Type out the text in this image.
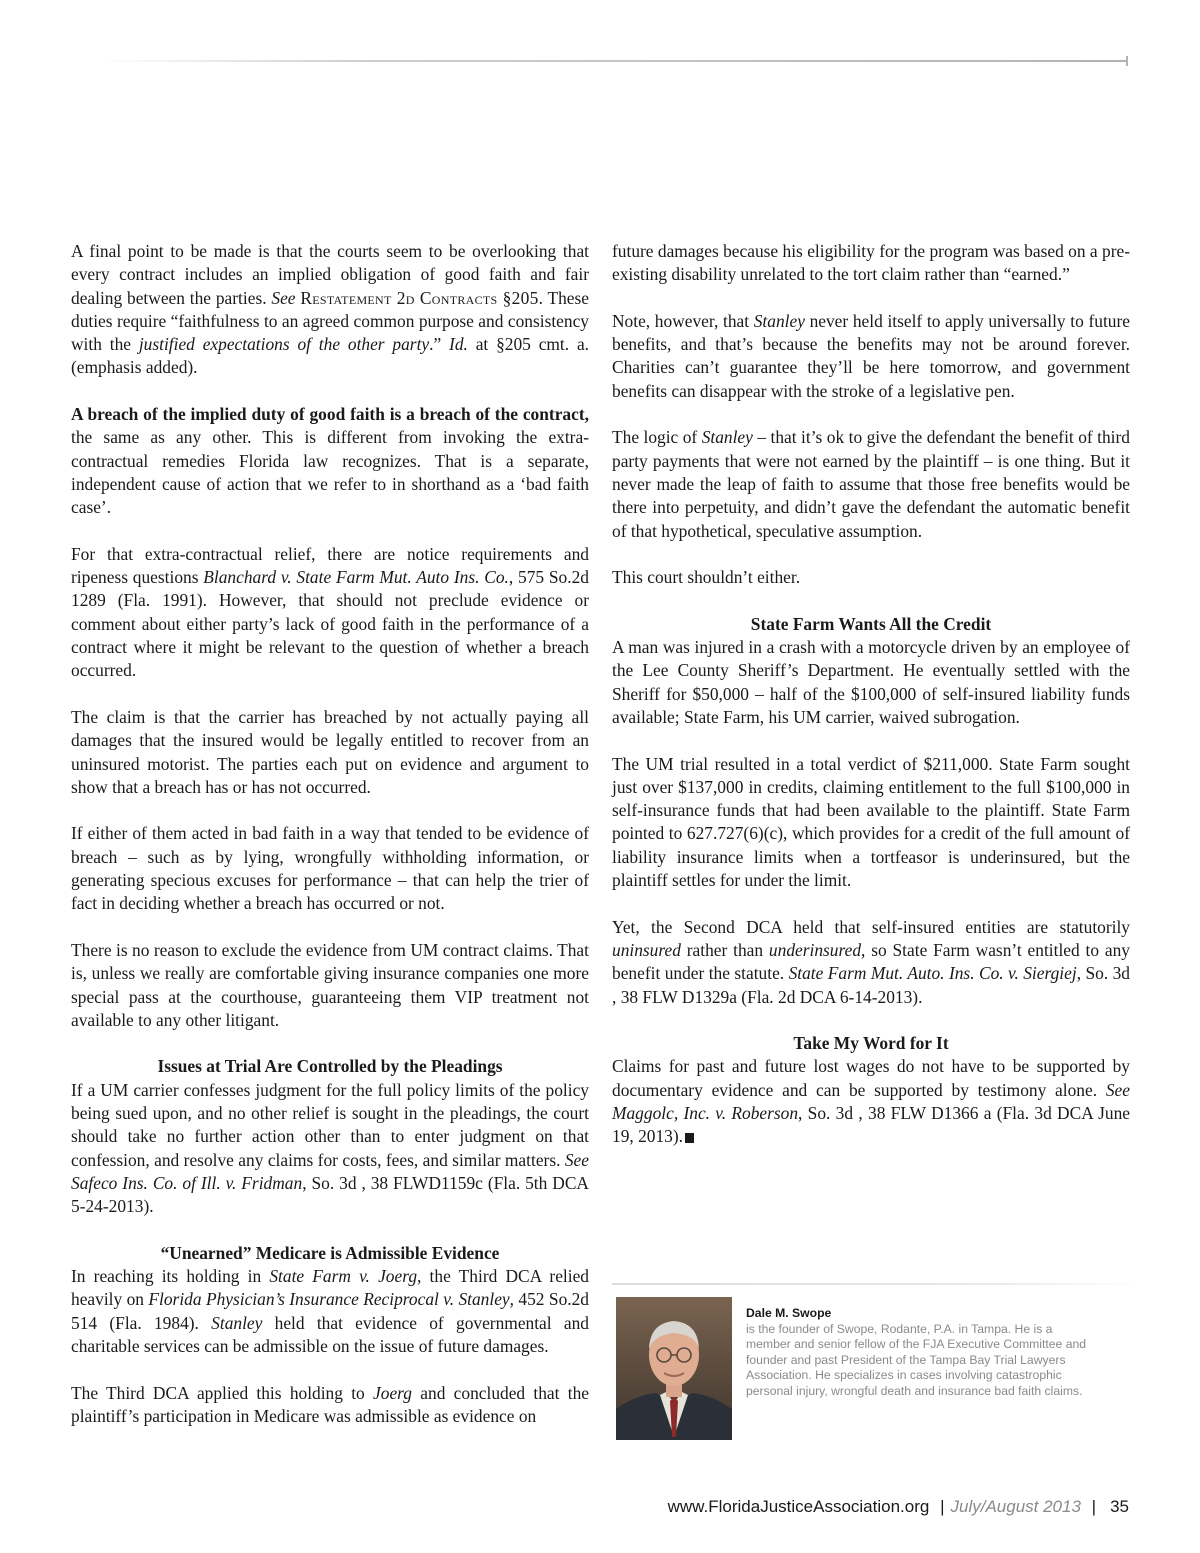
A final point to be made is that the courts seem to be overlooking that every contract includes an implied obligation of good faith and fair dealing between the parties. See Restatement 2d Contracts §205. These duties require “faithfulness to an agreed common purpose and consistency with the justified expectations of the other party.” Id. at §205 cmt. a. (emphasis added).

A breach of the implied duty of good faith is a breach of the contract, the same as any other. This is different from invoking the extra-contractual remedies Florida law recognizes. That is a separate, independent cause of action that we refer to in shorthand as a ‘bad faith case’.

For that extra-contractual relief, there are notice requirements and ripeness questions Blanchard v. State Farm Mut. Auto Ins. Co., 575 So.2d 1289 (Fla. 1991). However, that should not preclude evidence or comment about either party’s lack of good faith in the performance of a contract where it might be relevant to the question of whether a breach occurred.

The claim is that the carrier has breached by not actually paying all damages that the insured would be legally entitled to recover from an uninsured motorist. The parties each put on evidence and argument to show that a breach has or has not occurred.

If either of them acted in bad faith in a way that tended to be evidence of breach – such as by lying, wrongfully withholding information, or generating specious excuses for performance – that can help the trier of fact in deciding whether a breach has occurred or not.

There is no reason to exclude the evidence from UM contract claims. That is, unless we really are comfortable giving insurance companies one more special pass at the courthouse, guaranteeing them VIP treatment not available to any other litigant.

Issues at Trial Are Controlled by the Pleadings

If a UM carrier confesses judgment for the full policy limits of the policy being sued upon, and no other relief is sought in the pleadings, the court should take no further action other than to enter judgment on that confession, and resolve any claims for costs, fees, and similar matters. See Safeco Ins. Co. of Ill. v. Fridman, So. 3d , 38 FLWD1159c (Fla. 5th DCA 5-24-2013).

“Unearned” Medicare is Admissible Evidence

In reaching its holding in State Farm v. Joerg, the Third DCA relied heavily on Florida Physician’s Insurance Reciprocal v. Stanley, 452 So.2d 514 (Fla. 1984). Stanley held that evidence of governmental and charitable services can be admissible on the issue of future damages.

The Third DCA applied this holding to Joerg and concluded that the plaintiff’s participation in Medicare was admissible as evidence on

future damages because his eligibility for the program was based on a pre-existing disability unrelated to the tort claim rather than “earned.”

Note, however, that Stanley never held itself to apply universally to future benefits, and that’s because the benefits may not be around forever. Charities can’t guarantee they’ll be here tomorrow, and government benefits can disappear with the stroke of a legislative pen.

The logic of Stanley – that it’s ok to give the defendant the benefit of third party payments that were not earned by the plaintiff – is one thing. But it never made the leap of faith to assume that those free benefits would be there into perpetuity, and didn’t gave the defendant the automatic benefit of that hypothetical, speculative assumption.

This court shouldn’t either.

State Farm Wants All the Credit

A man was injured in a crash with a motorcycle driven by an employee of the Lee County Sheriff’s Department. He eventually settled with the Sheriff for $50,000 – half of the $100,000 of self-insured liability funds available; State Farm, his UM carrier, waived subrogation.

The UM trial resulted in a total verdict of $211,000. State Farm sought just over $137,000 in credits, claiming entitlement to the full $100,000 in self-insurance funds that had been available to the plaintiff. State Farm pointed to 627.727(6)(c), which provides for a credit of the full amount of liability insurance limits when a tortfeasor is underinsured, but the plaintiff settles for under the limit.

Yet, the Second DCA held that self-insured entities are statutorily uninsured rather than underinsured, so State Farm wasn’t entitled to any benefit under the statute. State Farm Mut. Auto. Ins. Co. v. Siergiej, So. 3d , 38 FLW D1329a (Fla. 2d DCA 6-14-2013).

Take My Word for It

Claims for past and future lost wages do not have to be supported by documentary evidence and can be supported by testimony alone. See Maggolc, Inc. v. Roberson, So. 3d , 38 FLW D1366 a (Fla. 3d DCA June 19, 2013).

Dale M. Swope
is the founder of Swope, Rodante, P.A. in Tampa. He is a member and senior fellow of the FJA Executive Committee and founder and past President of the Tampa Bay Trial Lawyers Association. He specializes in cases involving catastrophic personal injury, wrongful death and insurance bad faith claims.
www.FloridaJusticeAssociation.org | July/August 2013 | 35
